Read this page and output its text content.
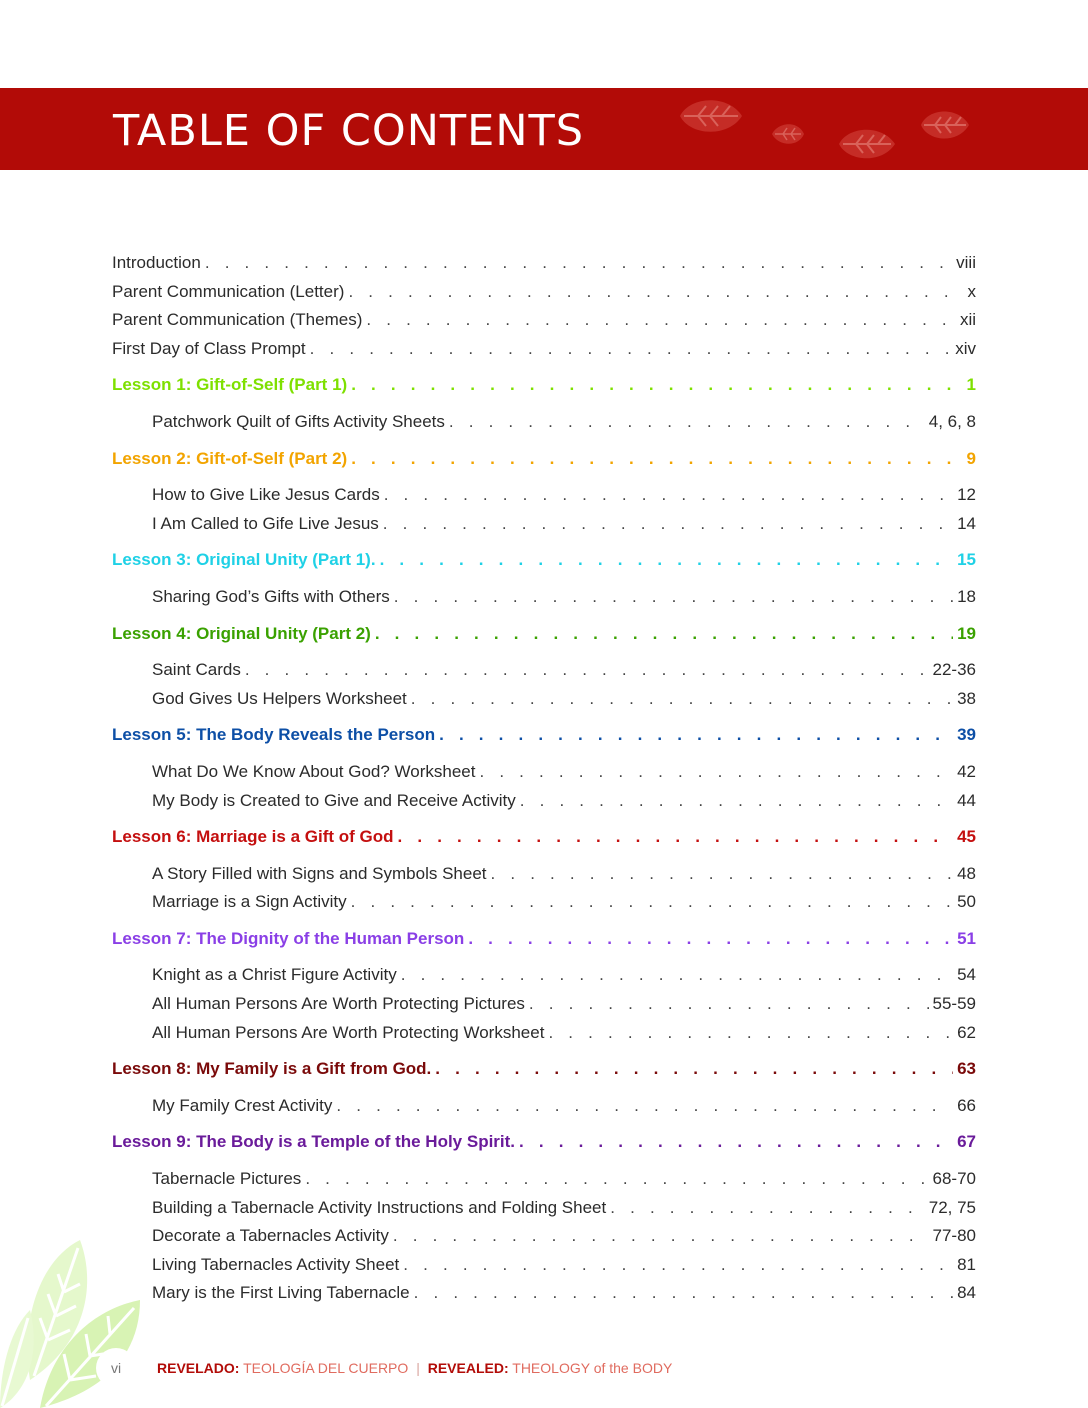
TABLE OF CONTENTS
Introduction . . .	viii
Parent Communication (Letter) . . .	x
Parent Communication (Themes) . . .	xii
First Day of Class Prompt . . .	xiv
Lesson 1: Gift-of-Self (Part 1) . . .	1
Patchwork Quilt of Gifts Activity Sheets . . .	4, 6, 8
Lesson 2: Gift-of-Self (Part 2) . . .	9
How to Give Like Jesus Cards . . .	12
I Am Called to Gife Live Jesus . . .	14
Lesson 3: Original Unity (Part 1). . . .	15
Sharing God’s Gifts with Others . . .	18
Lesson 4: Original Unity (Part 2) . . .	19
Saint Cards . . .	22-36
God Gives Us Helpers Worksheet . . .	38
Lesson 5: The Body Reveals the Person . . .	39
What Do We Know About God? Worksheet . . .	42
My Body is Created to Give and Receive Activity . . .	44
Lesson 6: Marriage is a Gift of God . . .	45
A Story Filled with Signs and Symbols Sheet . . .	48
Marriage is a Sign Activity . . .	50
Lesson 7: The Dignity of the Human Person . . .	51
Knight as a Christ Figure Activity . . .	54
All Human Persons Are Worth Protecting Pictures . . .	55-59
All Human Persons Are Worth Protecting Worksheet . . .	62
Lesson 8: My Family is a Gift from God. . . .	63
My Family Crest Activity . . .	66
Lesson 9: The Body is a Temple of the Holy Spirit. . . .	67
Tabernacle Pictures . . .	68-70
Building a Tabernacle Activity Instructions and Folding Sheet . . .	72, 75
Decorate a Tabernacles Activity . . .	77-80
Living Tabernacles Activity Sheet . . .	81
Mary is the First Living Tabernacle . . .	84
vi	REVELADO: TEOLOGÍA DEL CUERPO | REVEALED: THEOLOGY of the BODY
